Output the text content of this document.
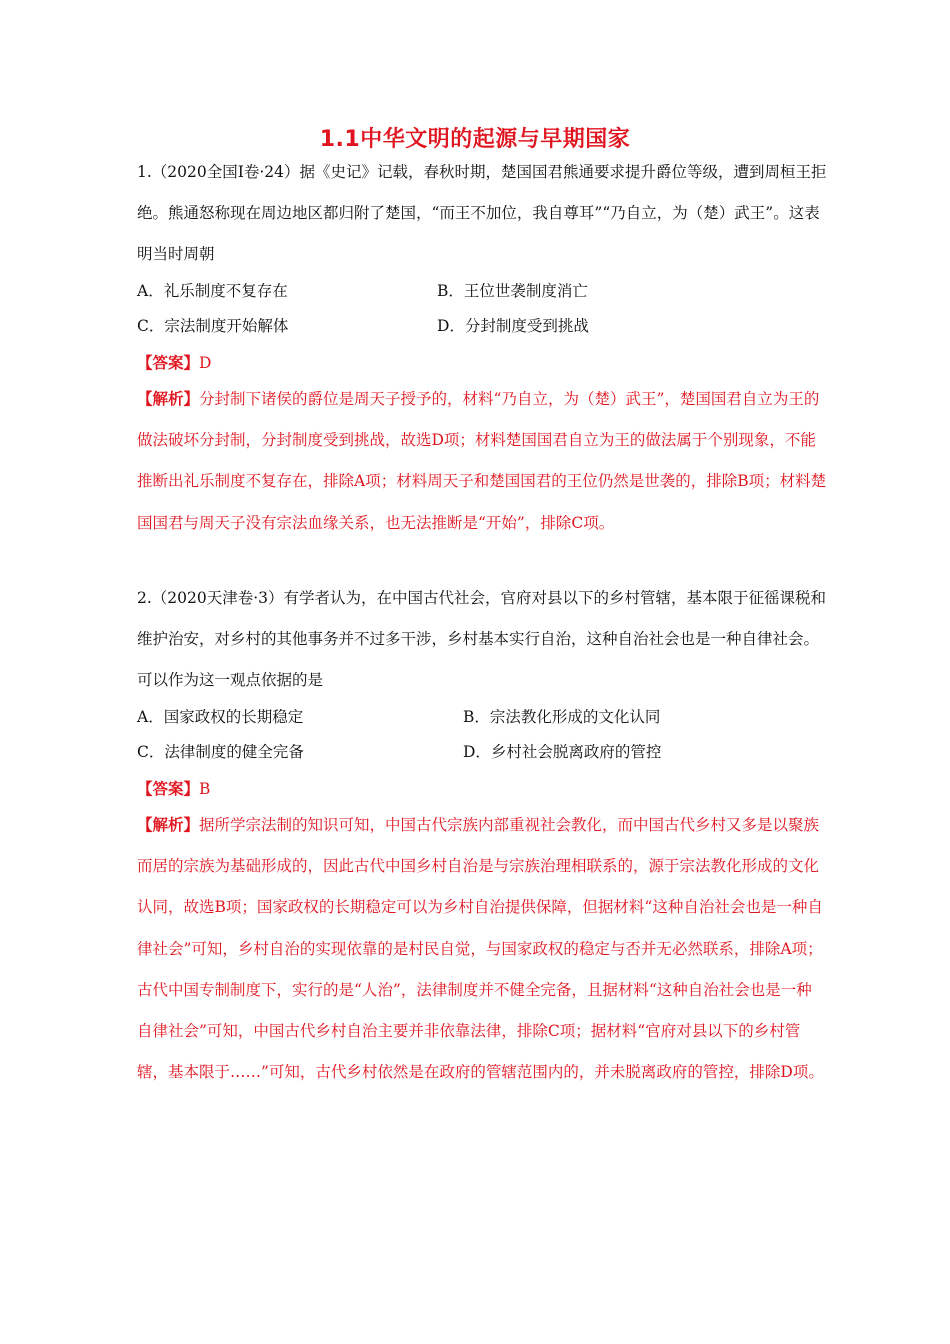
1.1中华文明的起源与早期国家

1.（2020全国Ⅰ卷·24）据《史记》记载，春秋时期，楚国国君熊通要求提升爵位等级，遭到周桓王拒绝。熊通怒称现在周边地区都归附了楚国，“而王不加位，我自尊耳”“乃自立，为（楚）武王”。这表明当时周朝

A．礼乐制度不复存在	B．王位世袭制度消亡
C．宗法制度开始解体	D．分封制度受到挑战
【答案】D

【解析】分封制下诸侯的爵位是周天子授予的，材料“乃自立，为（楚）武王”，楚国国君自立为王的做法破坏分封制，分封制度受到挑战，故选D项；材料楚国国君自立为王的做法属于个别现象，不能推断出礼乐制度不复存在，排除A项；材料周天子和楚国国君的王位仍然是世袭的，排除B项；材料楚国国君与周天子没有宗法血缘关系，也无法推断是“开始”，排除C项。

2.（2020天津卷·3）有学者认为，在中国古代社会，官府对县以下的乡村管辖，基本限于征徭课税和维护治安，对乡村的其他事务并不过多干涉，乡村基本实行自治，这种自治社会也是一种自律社会。可以作为这一观点依据的是

A．国家政权的长期稳定	B．宗法教化形成的文化认同
C．法律制度的健全完备	D．乡村社会脱离政府的管控
【答案】B

【解析】据所学宗法制的知识可知，中国古代宗族内部重视社会教化，而中国古代乡村又多是以聚族而居的宗族为基础形成的，因此古代中国乡村自治是与宗族治理相联系的，源于宗法教化形成的文化认同，故选B项；国家政权的长期稳定可以为乡村自治提供保障，但据材料“这种自治社会也是一种自律社会”可知，乡村自治的实现依靠的是村民自觉，与国家政权的稳定与否并无必然联系，排除A项；古代中国专制制度下，实行的是“人治”，法律制度并不健全完备，且据材料“这种自治社会也是一种自律社会”可知，中国古代乡村自治主要并非依靠法律，排除C项；据材料“官府对县以下的乡村管辖，基本限于……”可知，古代乡村依然是在政府的管辖范围内的，并未脱离政府的管控，排除D项。
